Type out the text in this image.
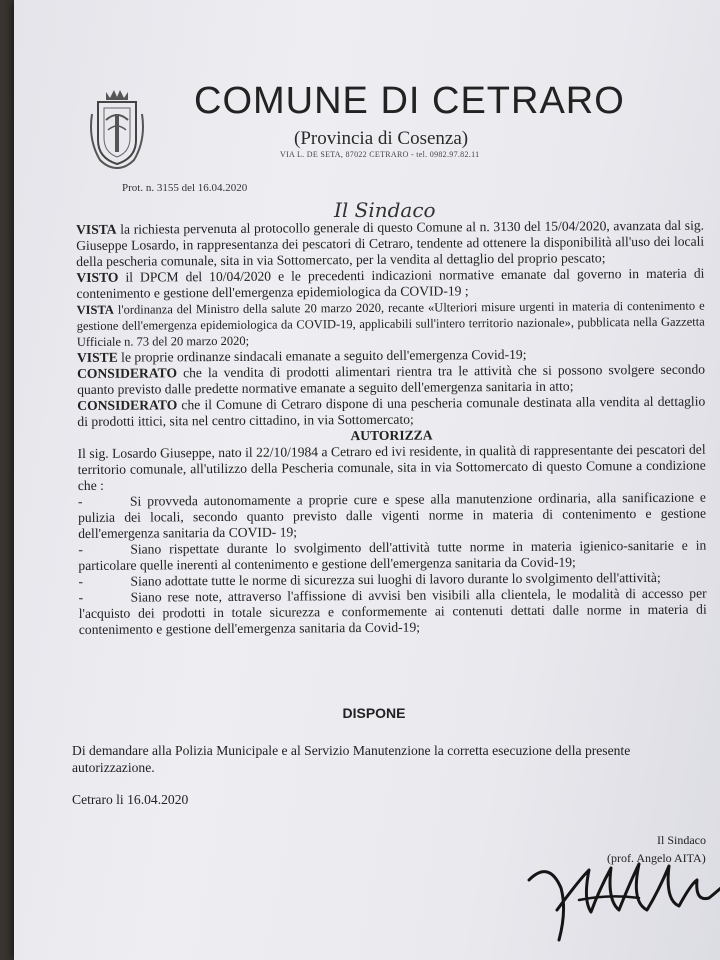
COMUNE DI CETRARO
(Provincia di Cosenza)
VIA L. DE SETA, 87022 CETRARO - tel. 0982.97.82.11
Prot. n. 3155 del 16.04.2020
Il Sindaco

VISTA la richiesta pervenuta al protocollo generale di questo Comune al n. 3130 del 15/04/2020, avanzata dal sig. Giuseppe Losardo, in rappresentanza dei pescatori di Cetraro, tendente ad ottenere la disponibilità all'uso dei locali della pescheria comunale, sita in via Sottomercato, per la vendita al dettaglio del proprio pescato;

VISTO il DPCM del 10/04/2020 e le precedenti indicazioni normative emanate dal governo in materia di contenimento e gestione dell'emergenza epidemiologica da COVID-19 ;

VISTA l'ordinanza del Ministro della salute 20 marzo 2020, recante «Ulteriori misure urgenti in materia di contenimento e gestione dell'emergenza epidemiologica da COVID-19, applicabili sull'intero territorio nazionale», pubblicata nella Gazzetta Ufficiale n. 73 del 20 marzo 2020;

VISTE le proprie ordinanze sindacali emanate a seguito dell'emergenza Covid-19;

CONSIDERATO che la vendita di prodotti alimentari rientra tra le attività che si possono svolgere secondo quanto previsto dalle predette normative emanate a seguito dell'emergenza sanitaria in atto;

CONSIDERATO che il Comune di Cetraro dispone di una pescheria comunale destinata alla vendita al dettaglio di prodotti ittici, sita nel centro cittadino, in via Sottomercato;

AUTORIZZA

Il sig. Losardo Giuseppe, nato il 22/10/1984 a Cetraro ed ivi residente, in qualità di rappresentante dei pescatori del territorio comunale, all'utilizzo della Pescheria comunale, sita in via Sottomercato di questo Comune a condizione che :

-	Si provveda autonomamente a proprie cure e spese alla manutenzione ordinaria, alla sanificazione e pulizia dei locali, secondo quanto previsto dalle vigenti norme in materia di contenimento e gestione dell'emergenza sanitaria da COVID- 19;

-	Siano rispettate durante lo svolgimento dell'attività tutte norme in materia igienico-sanitarie e in particolare quelle inerenti al contenimento e gestione dell'emergenza sanitaria da Covid-19;

-	Siano adottate tutte le norme di sicurezza sui luoghi di lavoro durante lo svolgimento dell'attività;

-	Siano rese note, attraverso l'affissione di avvisi ben visibili alla clientela, le modalità di accesso per l'acquisto dei prodotti in totale sicurezza e conformemente ai contenuti dettati dalle norme in materia di contenimento e gestione dell'emergenza sanitaria da Covid-19;

DISPONE
Di demandare alla Polizia Municipale e al Servizio Manutenzione la corretta esecuzione della presente autorizzazione.
Cetraro li 16.04.2020
Il Sindaco
(prof. Angelo AITA)
